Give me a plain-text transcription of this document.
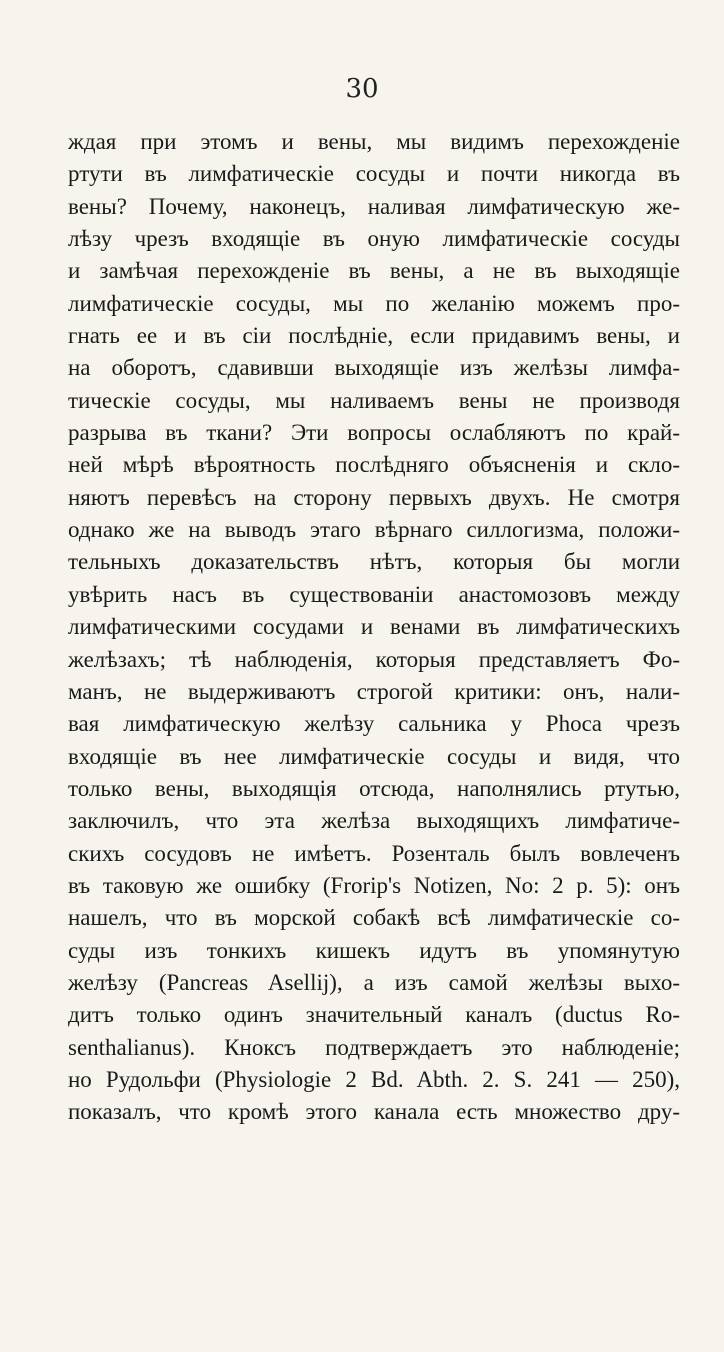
30
ждая при этомъ и вены, мы видимъ перехожденіе
ртути въ лимфатическіе сосуды и почти никогда въ
вены? Почему, наконецъ, наливая лимфатическую же-
лѣзу чрезъ входящіе въ оную лимфатическіе сосуды
и замѣчая перехожденіе въ вены, а не въ выходящіе
лимфатическіе сосуды, мы по желанію можемъ про-
гнать ее и въ сіи послѣдніе, если придавимъ вены, и
на оборотъ, сдавивши выходящіе изъ желѣзы лимфа-
тическіе сосуды, мы наливаемъ вены не производя
разрыва въ ткани? Эти вопросы ослабляютъ по край-
ней мѣрѣ вѣроятность послѣдняго объясненія и скло-
няютъ перевѣсъ на сторону первыхъ двухъ. Не смотря
однако же на выводъ этаго вѣрнаго силлогизма, положи-
тельныхъ доказательствъ нѣтъ, которыя бы могли
увѣрить насъ въ существованіи анастомозовъ между
лимфатическими сосудами и венами въ лимфатическихъ
желѣзахъ; тѣ наблюденія, которыя представляетъ Фо-
манъ, не выдерживаютъ строгой критики: онъ, нали-
вая лимфатическую желѣзу сальника у Phoca чрезъ
входящіе въ нее лимфатическіе сосуды и видя, что
только вены, выходящія отсюда, наполнялись ртутью,
заключилъ, что эта желѣза выходящихъ лимфатиче-
скихъ сосудовъ не имѣетъ. Розенталь былъ вовлеченъ
въ таковую же ошибку (Frorip's Notizen, No: 2 p. 5): онъ
нашелъ, что въ морской собакѣ всѣ лимфатическіе со-
суды изъ тонкихъ кишекъ идутъ въ упомянутую
желѣзу (Pancreas Asellij), а изъ самой желѣзы выхо-
дитъ только одинъ значительный каналъ (ductus Ro-
senthalianus). Кноксъ подтверждаетъ это наблюденіе;
но Рудольфи (Physiologie 2 Bd. Abth. 2. S. 241 — 250),
показалъ, что кромѣ этого канала есть множество дру-
